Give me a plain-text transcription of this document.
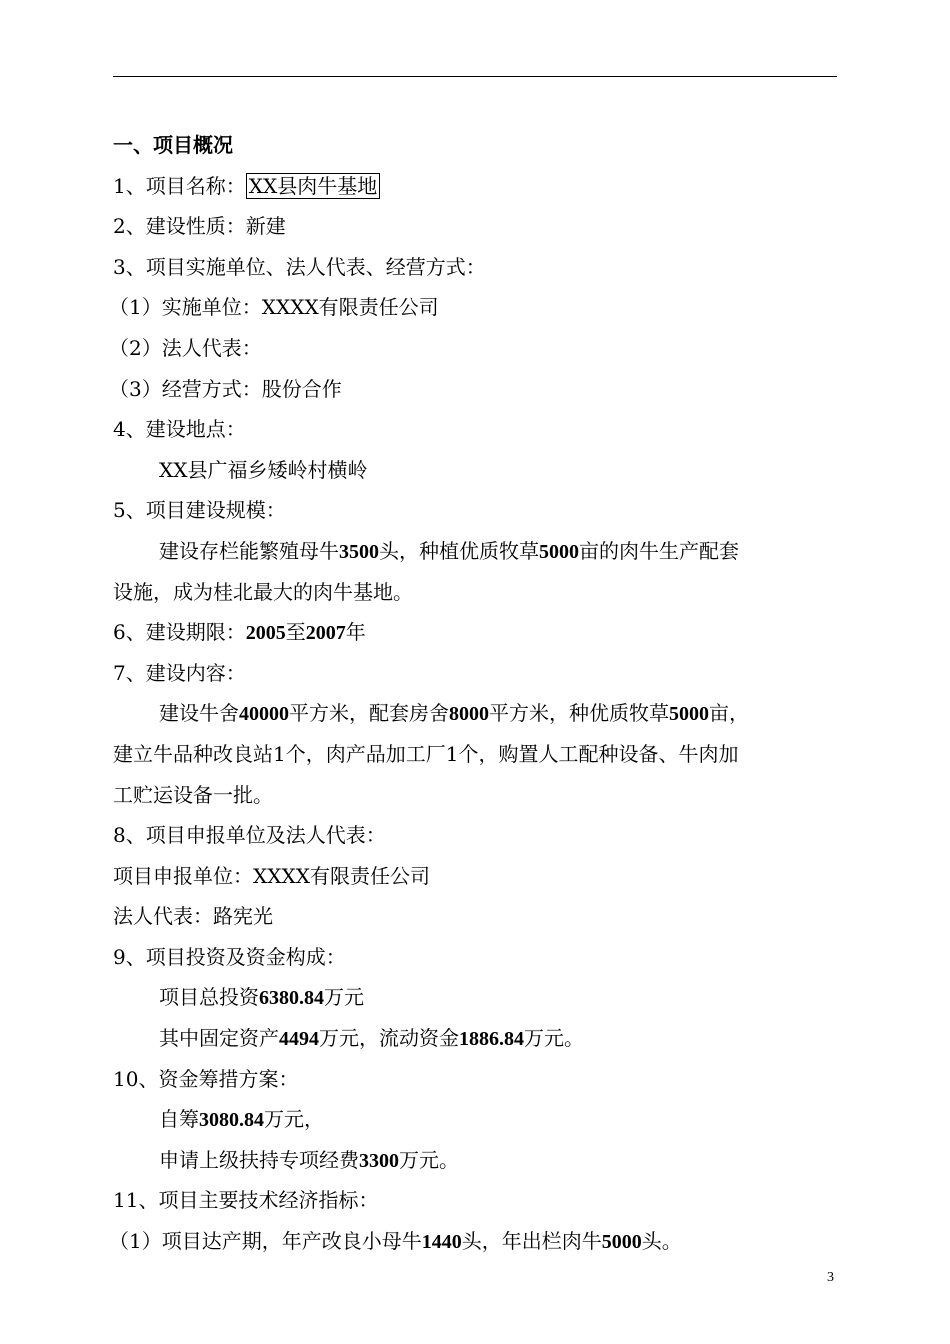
一、项目概况
1、项目名称： XX县肉牛基地
2、建设性质：新建
3、项目实施单位、法人代表、经营方式：
（1）实施单位：XXXX有限责任公司
（2）法人代表：
（3）经营方式：股份合作
4、建设地点：
XX县广福乡矮岭村横岭
5、项目建设规模：
建设存栏能繁殖母牛3500头，种植优质牧草5000亩的肉牛生产配套
设施，成为桂北最大的肉牛基地。
6、建设期限：2005至2007年
7、建设内容：
建设牛舍40000平方米，配套房舍8000平方米，种优质牧草5000亩，
建立牛品种改良站1个，肉产品加工厂1个，购置人工配种设备、牛肉加
工贮运设备一批。
8、项目申报单位及法人代表：
项目申报单位：XXXX有限责任公司
法人代表：路宪光
9、项目投资及资金构成：
项目总投资6380.84万元
其中固定资产4494万元，流动资金1886.84万元。
10、资金筹措方案：
自筹3080.84万元，
申请上级扶持专项经费3300万元。
11、项目主要技术经济指标：
（1）项目达产期，年产改良小母牛1440头，年出栏肉牛5000头。
3
